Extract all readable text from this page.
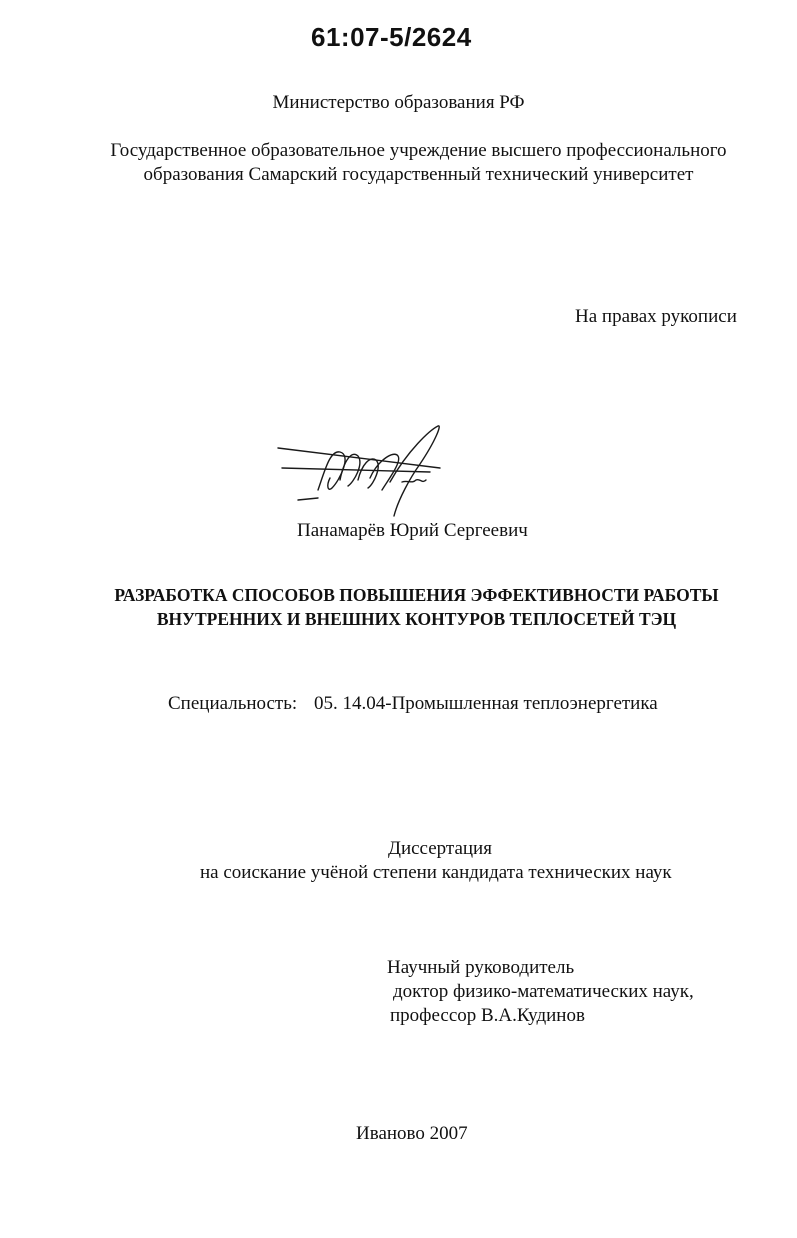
61:07-5/2624
Министерство образования РФ
Государственное образовательное учреждение высшего профессионального
образования Самарский государственный технический университет
На правах рукописи
Панамарёв Юрий Сергеевич
РАЗРАБОТКА СПОСОБОВ ПОВЫШЕНИЯ ЭФФЕКТИВНОСТИ РАБОТЫ
ВНУТРЕННИХ И ВНЕШНИХ КОНТУРОВ ТЕПЛОСЕТЕЙ ТЭЦ
Специальность: 05. 14.04-Промышленная теплоэнергетика
Диссертация
на соискание учёной степени кандидата технических наук
Научный руководитель
доктор физико-математических наук,
профессор В.А.Кудинов
Иваново 2007
